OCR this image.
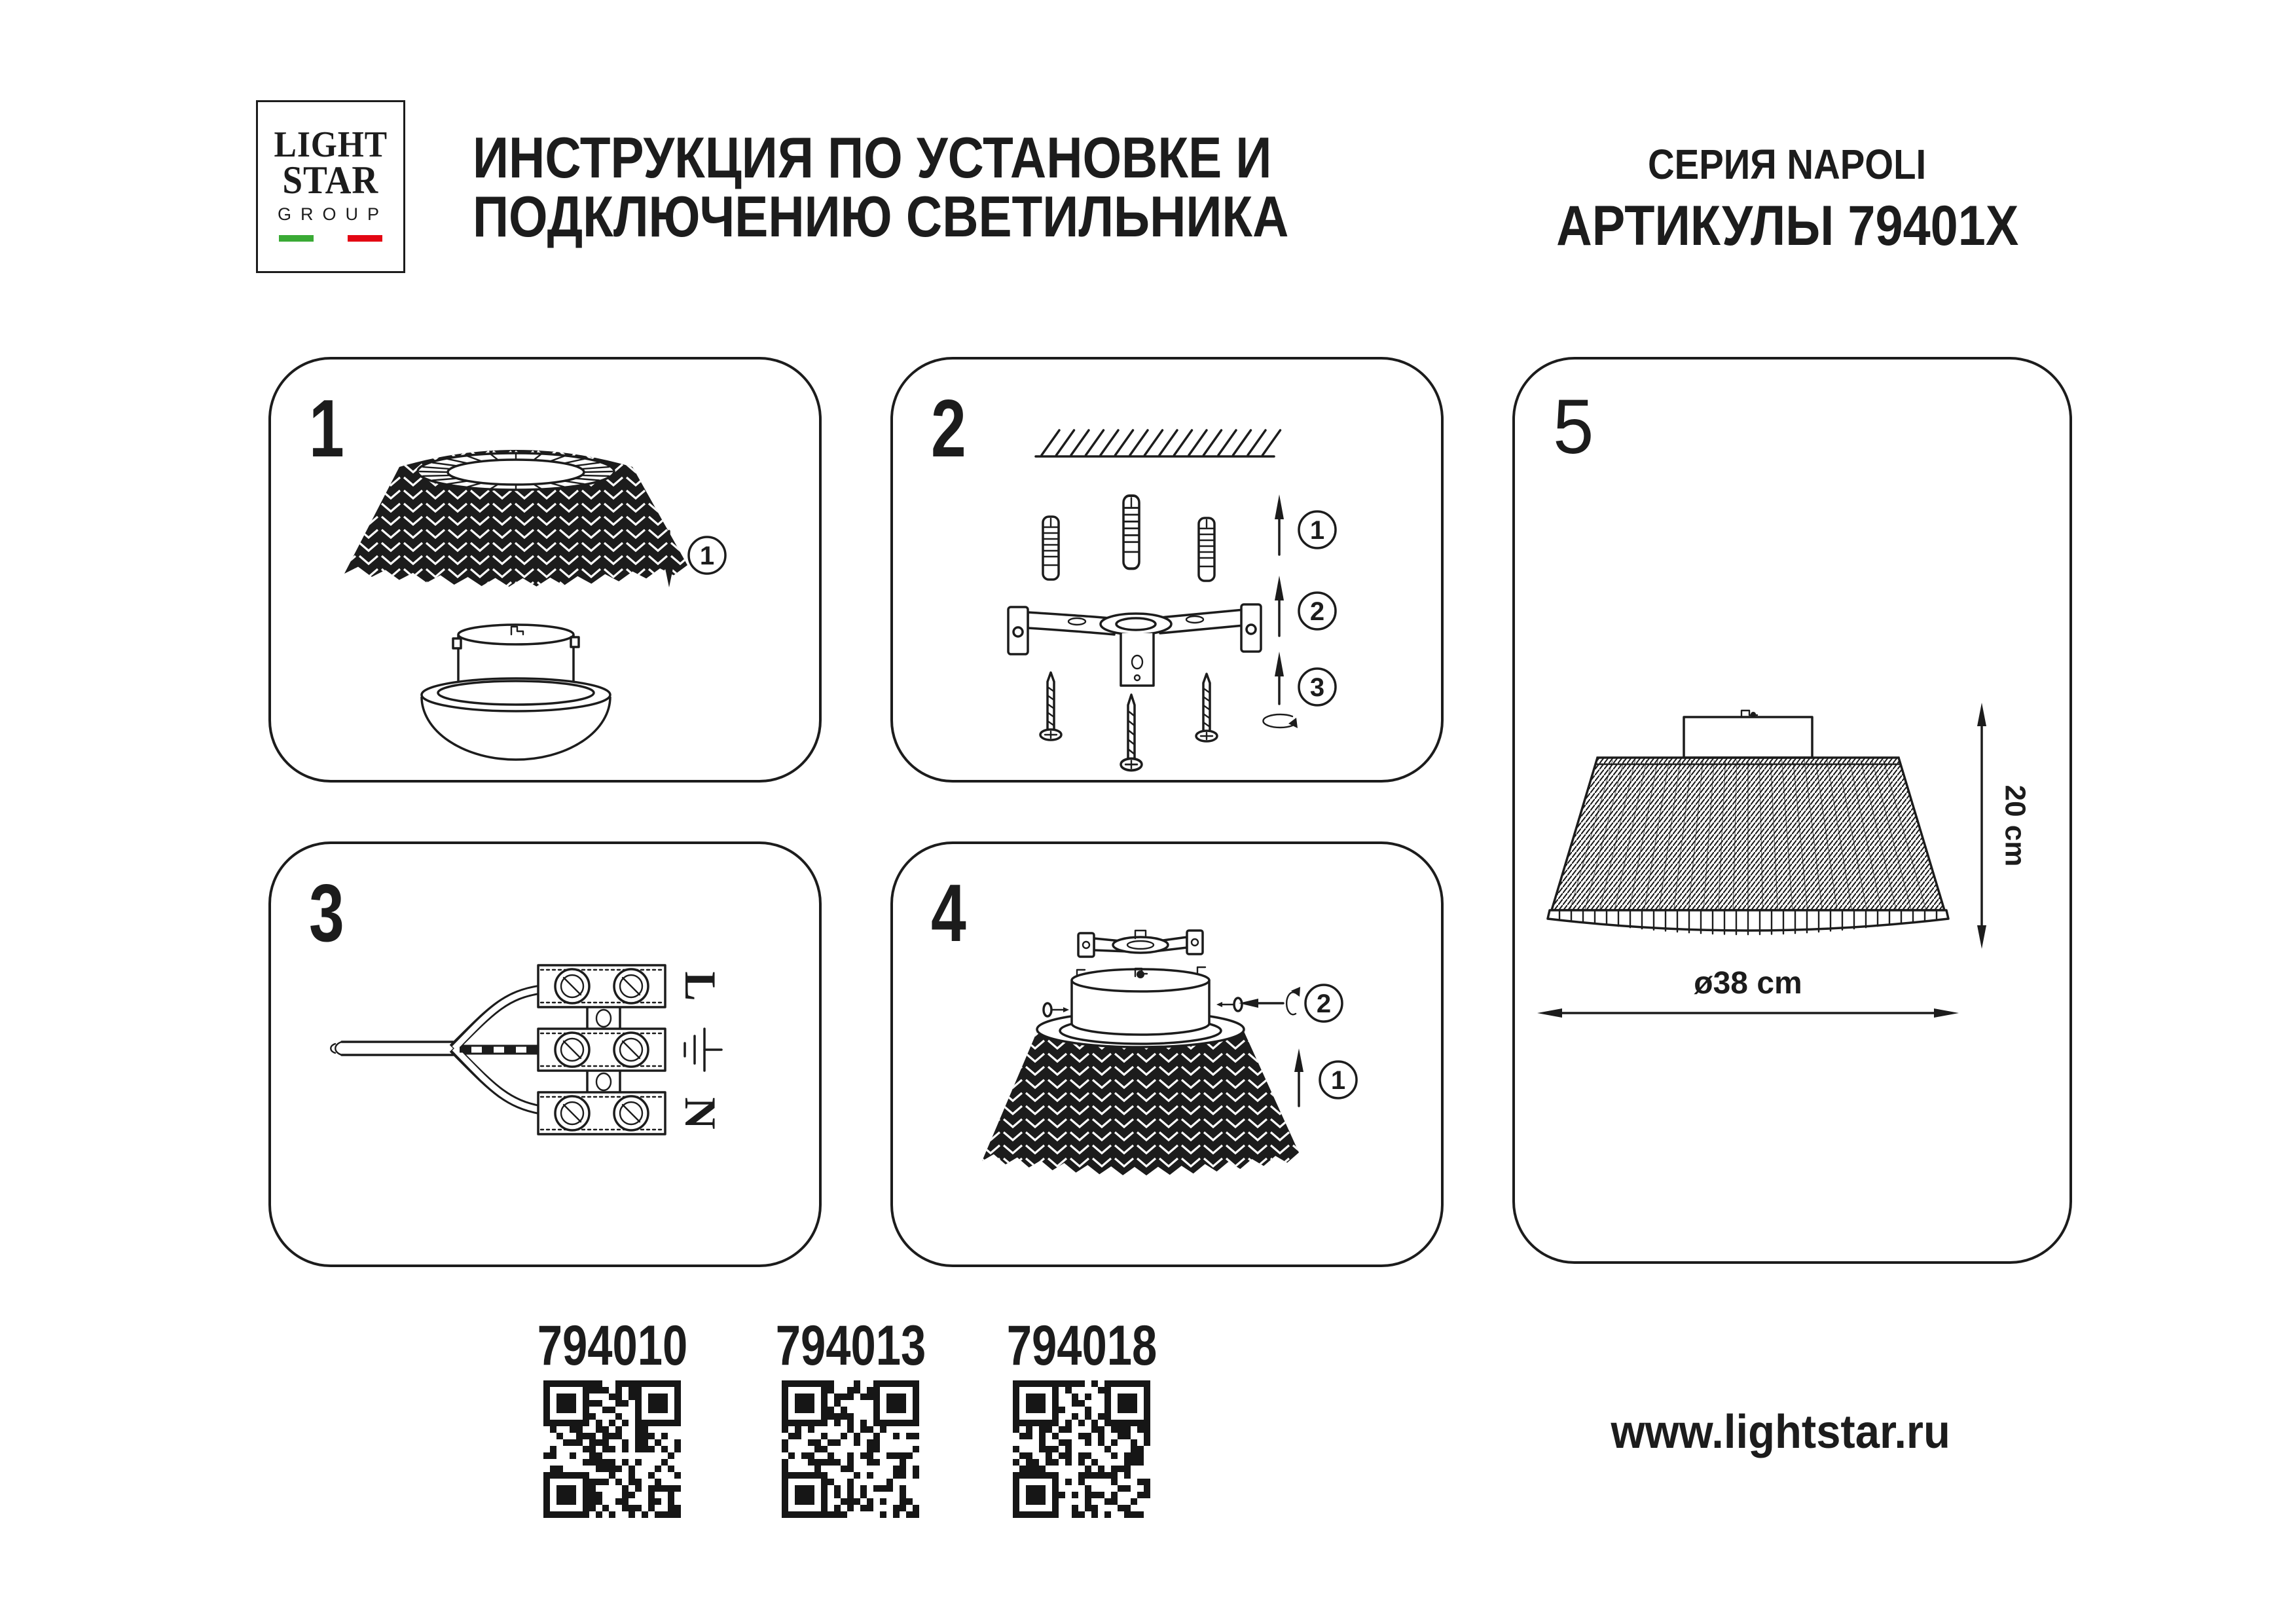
LIGHT
STAR
GROUP
ИНСТРУКЦИЯ ПО УСТАНОВКЕ И
ПОДКЛЮЧЕНИЮ СВЕТИЛЬНИКА
СЕРИЯ NAPOLI
АРТИКУЛЫ 79401X
1
1
2
1
2
3
3
L
N
4
2
1
5
20 cm
ø38 cm
794010	794013	794018
www.lightstar.ru
